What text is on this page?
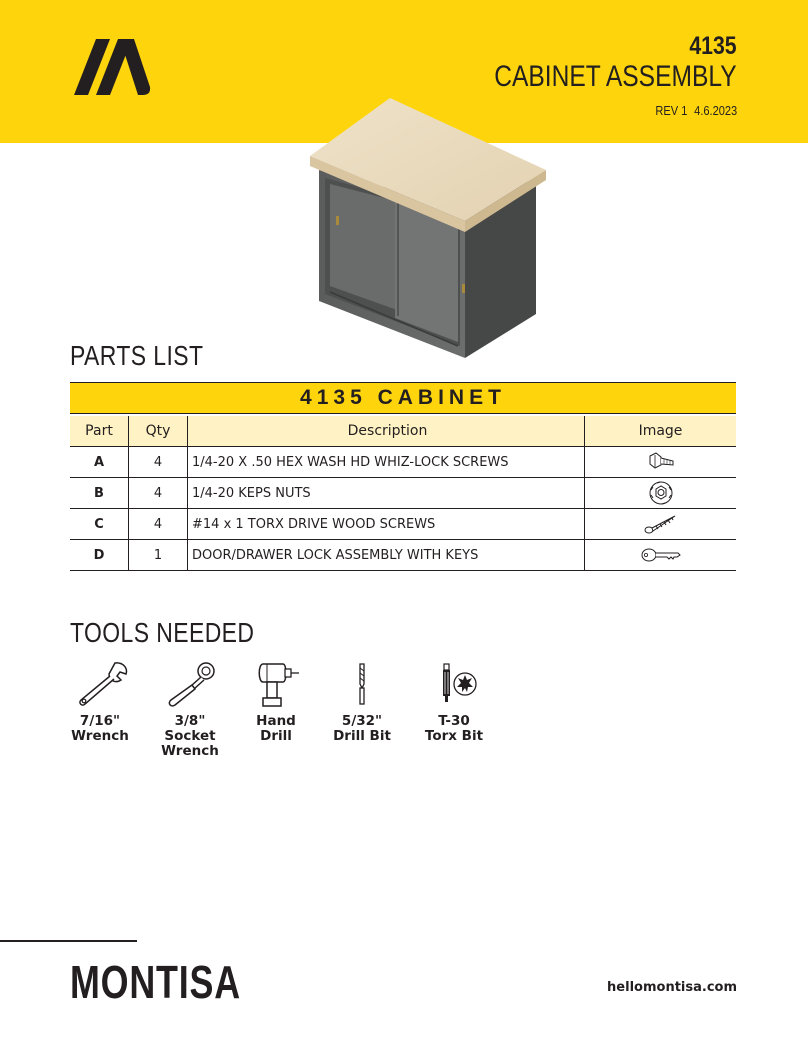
4135
CABINET ASSEMBLY
REV 1 4.6.2023
PARTS LIST
4135 CABINET
Part	Qty	Description	Image
A	4	1/4-20 X .50 HEX WASH HD WHIZ-LOCK SCREWS	
B	4	1/4-20 KEPS NUTS	
C	4	#14 x 1 TORX DRIVE WOOD SCREWS	
D	1	DOOR/DRAWER LOCK ASSEMBLY WITH KEYS	
TOOLS NEEDED
7/16"
Wrench
3/8"
Socket
Wrench
Hand
Drill
5/32"
Drill Bit
T-30
Torx Bit
MONTISA	hellomontisa.com
